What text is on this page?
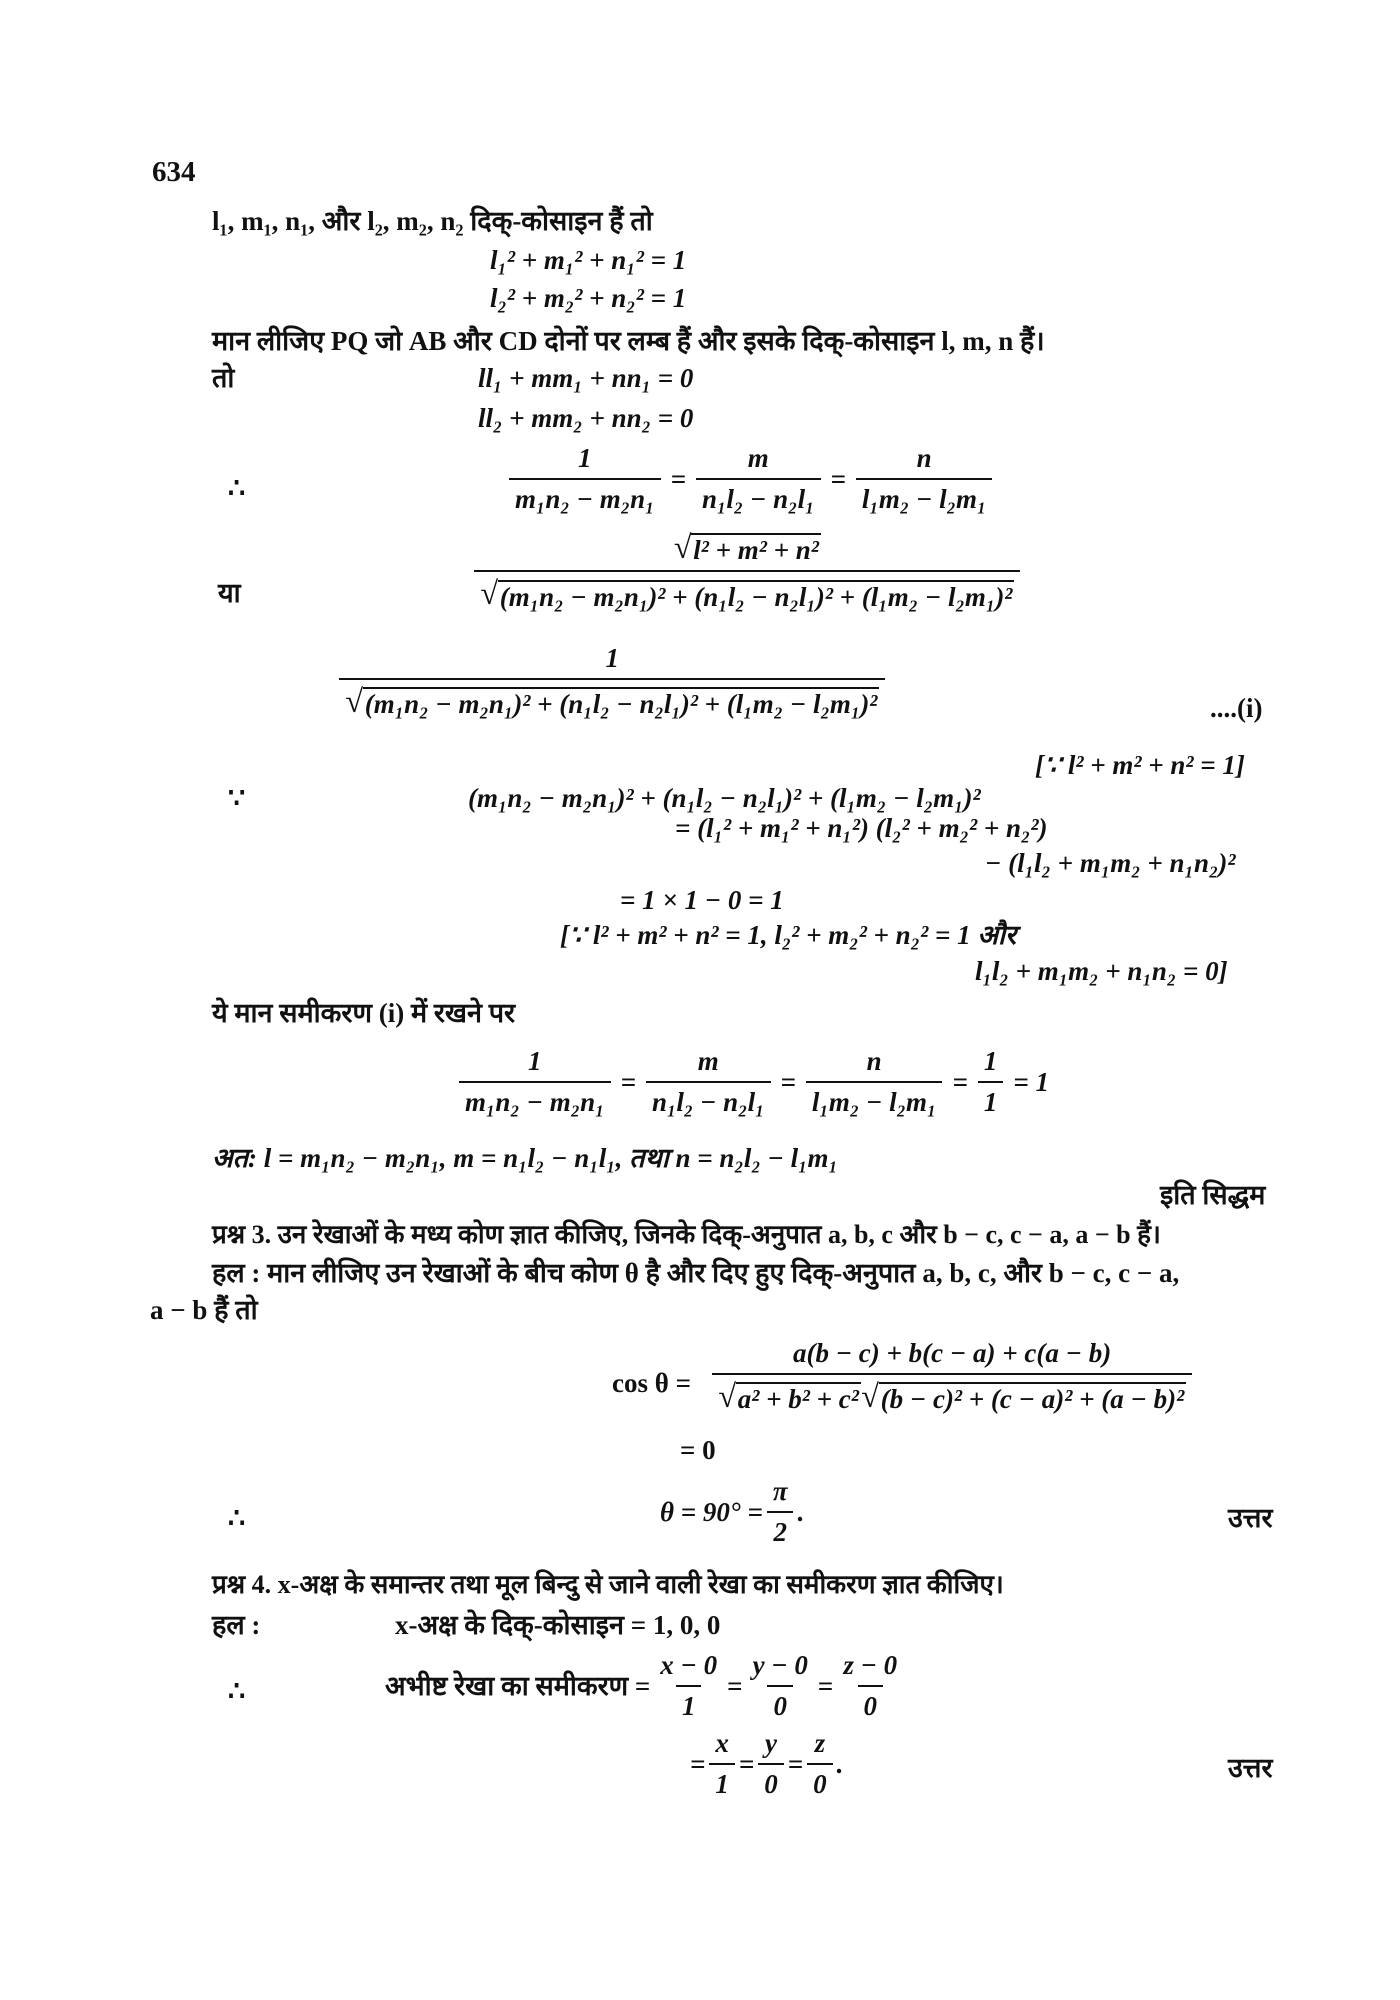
634
l₁, m₁, n₁, और l₂, m₂, n₂ दिक्-कोसाइन हैं तो
l₁² + m₁² + n₁² = 1
l₂² + m₂² + n₂² = 1
मान लीजिए PQ जो AB और CD दोनों पर लम्ब हैं और इसके दिक्-कोसाइन l, m, n हैं।
तो	ll₁ + mm₁ + nn₁ = 0
ll₂ + mm₂ + nn₂ = 0
∴	$\frac{1}{\text{m₁n₂ − m₂n₁}} = \frac{m}{\text{n₁l₂ − n₂l₁}} = \frac{n}{\text{l₁m₂ − l₂m₁}}$
या	$\frac{\text{√ l² + m² + n²}}{\text{√ (m₁n₂ − m₂n₁)² + (n₁l₂ − n₂l₁)² + (l₁m₂ − l₂m₁)²}}$
$\frac{1}{\text{√ (m₁n₂ − m₂n₁)² + (n₁l₂ − n₂l₁)² + (l₁m₂ − l₂m₁)²}}$	....(i)
[∵ l² + m² + n² = 1]
∵	(m₁n₂ − m₂n₁)² + (n₁l₂ − n₂l₁)² + (l₁m₂ − l₂m₁)²
= (l₁² + m₁² + n₁²) (l₂² + m₂² + n₂²)
− (l₁l₂ + m₁m₂ + n₁n₂)²
= 1 × 1 − 0 = 1
[∵ l² + m² + n² = 1, l₂² + m₂² + n₂² = 1 और
l₁l₂ + m₁m₂ + n₁n₂ = 0]
ये मान समीकरण (i) में रखने पर
$\frac{1}{\text{m₁n₂ − m₂n₁}} = \frac{m}{\text{n₁l₂ − n₂l₁}} = \frac{n}{\text{l₁m₂ − l₂m₁}} = \frac{1}{1} = 1$
अत: l = m₁n₂ − m₂n₁, m = n₁l₂ − n₁l₁, तथा n = n₂l₂ − l₁m₁
इति सिद्धम
प्रश्न 3. उन रेखाओं के मध्य कोण ज्ञात कीजिए, जिनके दिक्-अनुपात a, b, c और b − c, c − a, a − b हैं।
हल : मान लीजिए उन रेखाओं के बीच कोण θ है और दिए हुए दिक्-अनुपात a, b, c, और b − c, c − a,
a − b हैं तो
$\cos \theta = \frac{a(b - c) + b(c - a) + c(a - b)}{\text{√ a² + b² + c² √ (b − c)² + (c − a)² + (a − b)²}}$
= 0
∴	$\theta = 90^\circ = \frac{\pi}{2}$ .	उत्तर
प्रश्न 4. x-अक्ष के समान्तर तथा मूल बिन्दु से जाने वाली रेखा का समीकरण ज्ञात कीजिए।
हल :	x-अक्ष के दिक्-कोसाइन = 1, 0, 0
∴	अभीष्ट रेखा का समीकरण = $\frac{x - 0}{1} = \frac{y - 0}{0} = \frac{z - 0}{0}$
= $\frac{x}{1} = \frac{y}{0} = \frac{z}{0}$ .	उत्तर
